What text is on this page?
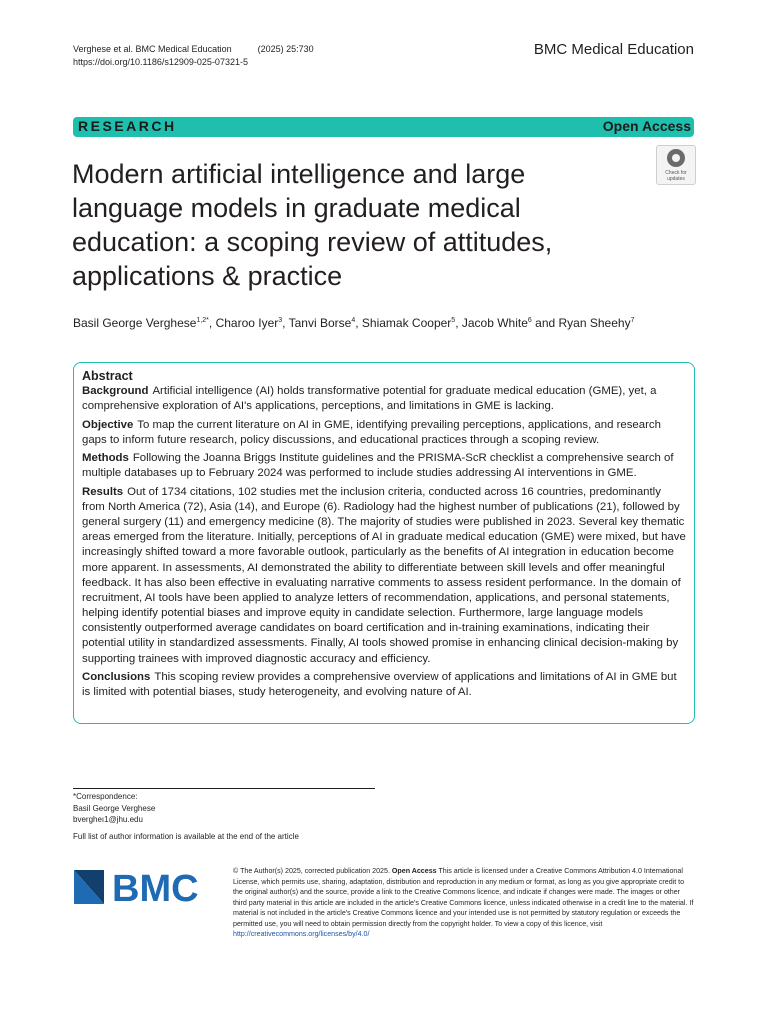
Verghese et al. BMC Medical Education	(2025) 25:730
https://doi.org/10.1186/s12909-025-07321-5
BMC Medical Education
RESEARCH	Open Access
Modern artificial intelligence and large language models in graduate medical education: a scoping review of attitudes, applications & practice
Check for
updates
Basil George Verghese$^{1,2*}$, Charoo Iyer$^3$, Tanvi Borse$^4$, Shiamak Cooper$^5$, Jacob White$^6$ and Ryan Sheehy$^7$
Abstract

Background Artificial intelligence (AI) holds transformative potential for graduate medical education (GME), yet, a comprehensive exploration of AI's applications, perceptions, and limitations in GME is lacking.

Objective To map the current literature on AI in GME, identifying prevailing perceptions, applications, and research gaps to inform future research, policy discussions, and educational practices through a scoping review.

Methods Following the Joanna Briggs Institute guidelines and the PRISMA-ScR checklist a comprehensive search of multiple databases up to February 2024 was performed to include studies addressing AI interventions in GME.

Results Out of 1734 citations, 102 studies met the inclusion criteria, conducted across 16 countries, predominantly from North America (72), Asia (14), and Europe (6). Radiology had the highest number of publications (21), followed by general surgery (11) and emergency medicine (8). The majority of studies were published in 2023. Several key thematic areas emerged from the literature. Initially, perceptions of AI in graduate medical education (GME) were mixed, but have increasingly shifted toward a more favorable outlook, particularly as the benefits of AI integration in education become more apparent. In assessments, AI demonstrated the ability to differentiate between skill levels and offer meaningful feedback. It has also been effective in evaluating narrative comments to assess resident performance. In the domain of recruitment, AI tools have been applied to analyze letters of recommendation, applications, and personal statements, helping identify potential biases and improve equity in candidate selection. Furthermore, large language models consistently outperformed average candidates on board certification and in-training examinations, indicating their potential utility in standardized assessments. Finally, AI tools showed promise in enhancing clinical decision-making by supporting trainees with improved diagnostic accuracy and efficiency.

Conclusions This scoping review provides a comprehensive overview of applications and limitations of AI in GME but is limited with potential biases, study heterogeneity, and evolving nature of AI.

*Correspondence:
Basil George Verghese
bvergheı1@jhu.edu
Full list of author information is available at the end of the article
BMC	© The Author(s) 2025, corrected publication 2025. Open Access This article is licensed under a Creative Commons Attribution 4.0 International License, which permits use, sharing, adaptation, distribution and reproduction in any medium or format, as long as you give appropriate credit to the original author(s) and the source, provide a link to the Creative Commons licence, and indicate if changes were made. The images or other third party material in this article are included in the article's Creative Commons licence, unless indicated otherwise in a credit line to the material. If material is not included in the article's Creative Commons licence and your intended use is not permitted by statutory regulation or exceeds the permitted use, you will need to obtain permission directly from the copyright holder. To view a copy of this licence, visit http://creativecommons.org/licenses/by/4.0/
